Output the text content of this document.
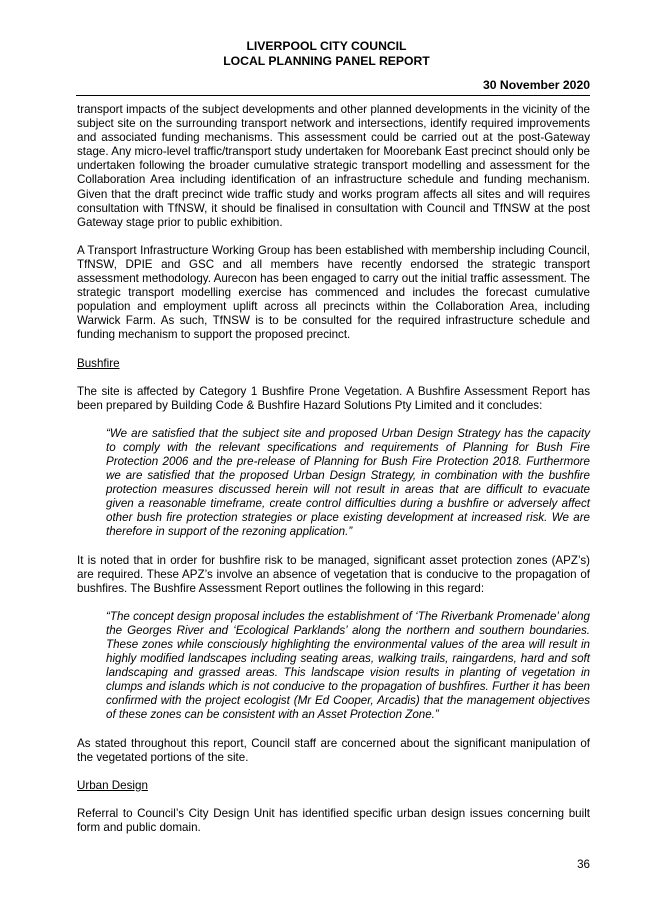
LIVERPOOL CITY COUNCIL
LOCAL PLANNING PANEL REPORT
30 November 2020

transport impacts of the subject developments and other planned developments in the vicinity of the subject site on the surrounding transport network and intersections, identify required improvements and associated funding mechanisms. This assessment could be carried out at the post-Gateway stage. Any micro-level traffic/transport study undertaken for Moorebank East precinct should only be undertaken following the broader cumulative strategic transport modelling and assessment for the Collaboration Area including identification of an infrastructure schedule and funding mechanism. Given that the draft precinct wide traffic study and works program affects all sites and will requires consultation with TfNSW, it should be finalised in consultation with Council and TfNSW at the post Gateway stage prior to public exhibition.

A Transport Infrastructure Working Group has been established with membership including Council, TfNSW, DPIE and GSC and all members have recently endorsed the strategic transport assessment methodology. Aurecon has been engaged to carry out the initial traffic assessment. The strategic transport modelling exercise has commenced and includes the forecast cumulative population and employment uplift across all precincts within the Collaboration Area, including Warwick Farm. As such, TfNSW is to be consulted for the required infrastructure schedule and funding mechanism to support the proposed precinct.

Bushfire

The site is affected by Category 1 Bushfire Prone Vegetation. A Bushfire Assessment Report has been prepared by Building Code & Bushfire Hazard Solutions Pty Limited and it concludes:

“We are satisfied that the subject site and proposed Urban Design Strategy has the capacity to comply with the relevant specifications and requirements of Planning for Bush Fire Protection 2006 and the pre-release of Planning for Bush Fire Protection 2018. Furthermore we are satisfied that the proposed Urban Design Strategy, in combination with the bushfire protection measures discussed herein will not result in areas that are difficult to evacuate given a reasonable timeframe, create control difficulties during a bushfire or adversely affect other bush fire protection strategies or place existing development at increased risk. We are therefore in support of the rezoning application.”

It is noted that in order for bushfire risk to be managed, significant asset protection zones (APZ’s) are required. These APZ’s involve an absence of vegetation that is conducive to the propagation of bushfires. The Bushfire Assessment Report outlines the following in this regard:

“The concept design proposal includes the establishment of ‘The Riverbank Promenade’ along the Georges River and ‘Ecological Parklands’ along the northern and southern boundaries. These zones while consciously highlighting the environmental values of the area will result in highly modified landscapes including seating areas, walking trails, raingardens, hard and soft landscaping and grassed areas. This landscape vision results in planting of vegetation in clumps and islands which is not conducive to the propagation of bushfires. Further it has been confirmed with the project ecologist (Mr Ed Cooper, Arcadis) that the management objectives of these zones can be consistent with an Asset Protection Zone.”

As stated throughout this report, Council staff are concerned about the significant manipulation of the vegetated portions of the site.

Urban Design

Referral to Council’s City Design Unit has identified specific urban design issues concerning built form and public domain.

36
